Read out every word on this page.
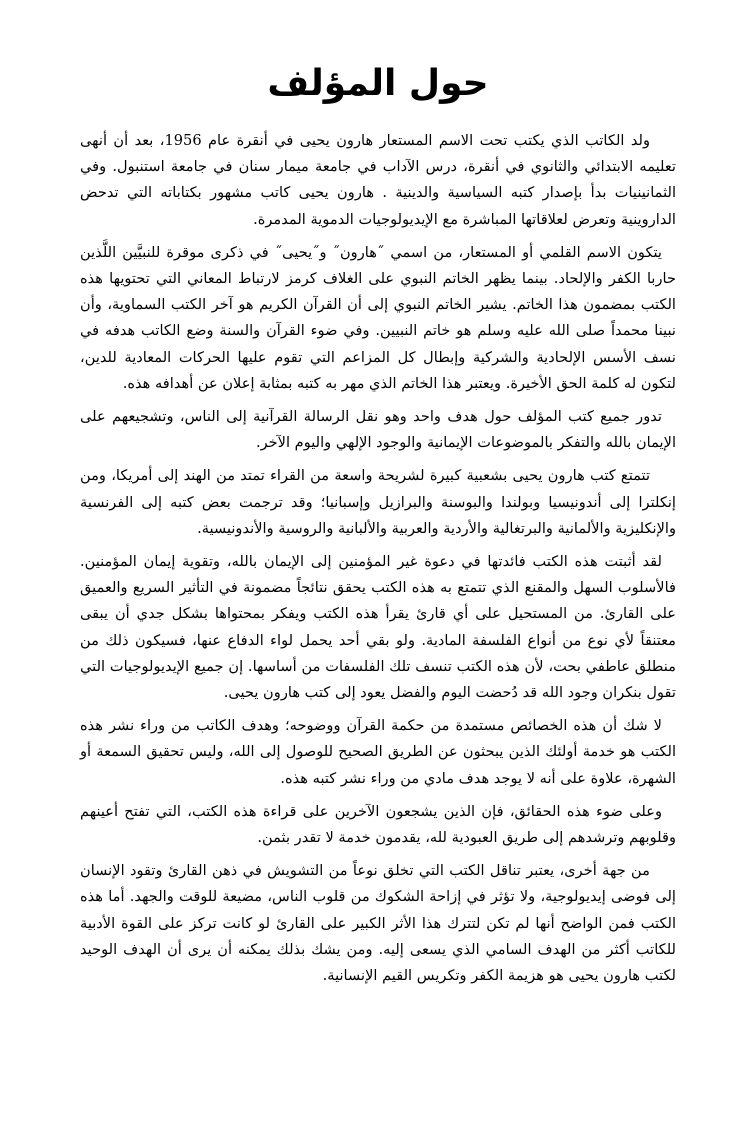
حول المؤلف

ولد الكاتب الذي يكتب تحت الاسم المستعار هارون يحيى في أنقرة عام 1956، بعد أن أنهى تعليمه الابتدائي والثانوي في أنقرة، درس الآداب في جامعة ميمار سنان في جامعة استنبول. وفي الثمانينيات بدأ بإصدار كتبه السياسية والدينية . هارون يحيى كاتب مشهور بكتاباته التي تدحض الداروينية وتعرض لعلاقاتها المباشرة مع الإيديولوجيات الدموية المدمرة.

يتكون الاسم القلمي أو المستعار، من اسمي ˝هارون˝ و˝يحيى˝ في ذكرى موقرة للنبيَّين اللَّذين حاربا الكفر والإلحاد. بينما يظهر الخاتم النبوي على الغلاف كرمز لارتباط المعاني التي تحتويها هذه الكتب بمضمون هذا الخاتم. يشير الخاتم النبوي إلى أن القرآن الكريم هو آخر الكتب السماوية، وأن نبينا محمداً صلى الله عليه وسلم هو خاتم النبيين. وفي ضوء القرآن والسنة وضع الكاتب هدفه في نسف الأسس الإلحادية والشركية وإبطال كل المزاعم التي تقوم عليها الحركات المعادية للدين، لتكون له كلمة الحق الأخيرة. ويعتبر هذا الخاتم الذي مهر به كتبه بمثابة إعلان عن أهدافه هذه.

تدور جميع كتب المؤلف حول هدف واحد وهو نقل الرسالة القرآنية إلى الناس، وتشجيعهم على الإيمان بالله والتفكر بالموضوعات الإيمانية والوجود الإلهي واليوم الآخر.

تتمتع كتب هارون يحيى بشعبية كبيرة لشريحة واسعة من القراء تمتد من الهند إلى أمريكا، ومن إنكلترا إلى أندونيسيا وبولندا والبوسنة والبرازيل وإسبانيا؛ وقد ترجمت بعض كتبه إلى الفرنسية والإنكليزية والألمانية والبرتغالية والأردية والعربية والألبانية والروسية والأندونيسية.

لقد أثبتت هذه الكتب فائدتها في دعوة غير المؤمنين إلى الإيمان بالله، وتقوية إيمان المؤمنين. فالأسلوب السهل والمقنع الذي تتمتع به هذه الكتب يحقق نتائجاً مضمونة في التأثير السريع والعميق على القارئ. من المستحيل على أي قارئ يقرأ هذه الكتب ويفكر بمحتواها بشكل جدي أن يبقى معتنقاً لأي نوع من أنواع الفلسفة المادية. ولو بقي أحد يحمل لواء الدفاع عنها، فسيكون ذلك من منطلق عاطفي بحت، لأن هذه الكتب تنسف تلك الفلسفات من أساسها. إن جميع الإيديولوجيات التي تقول بنكران وجود الله قد دُحضت اليوم والفضل يعود إلى كتب هارون يحيى.

لا شك أن هذه الخصائص مستمدة من حكمة القرآن ووضوحه؛ وهدف الكاتب من وراء نشر هذه الكتب هو خدمة أولئك الذين يبحثون عن الطريق الصحيح للوصول إلى الله، وليس تحقيق السمعة أو الشهرة، علاوة على أنه لا يوجد هدف مادي من وراء نشر كتبه هذه.

وعلى ضوء هذه الحقائق، فإن الذين يشجعون الآخرين على قراءة هذه الكتب، التي تفتح أعينهم وقلوبهم وترشدهم إلى طريق العبودية لله، يقدمون خدمة لا تقدر بثمن.

من جهة أخرى، يعتبر تناقل الكتب التي تخلق نوعاً من التشويش في ذهن القارئ وتقود الإنسان إلى فوضى إيديولوجية، ولا تؤثر في إزاحة الشكوك من قلوب الناس، مضيعة للوقت والجهد. أما هذه الكتب فمن الواضح أنها لم تكن لتترك هذا الأثر الكبير على القارئ لو كانت تركز على القوة الأدبية للكاتب أكثر من الهدف السامي الذي يسعى إليه. ومن يشك بذلك يمكنه أن يرى أن الهدف الوحيد لكتب هارون يحيى هو هزيمة الكفر وتكريس القيم الإنسانية.
